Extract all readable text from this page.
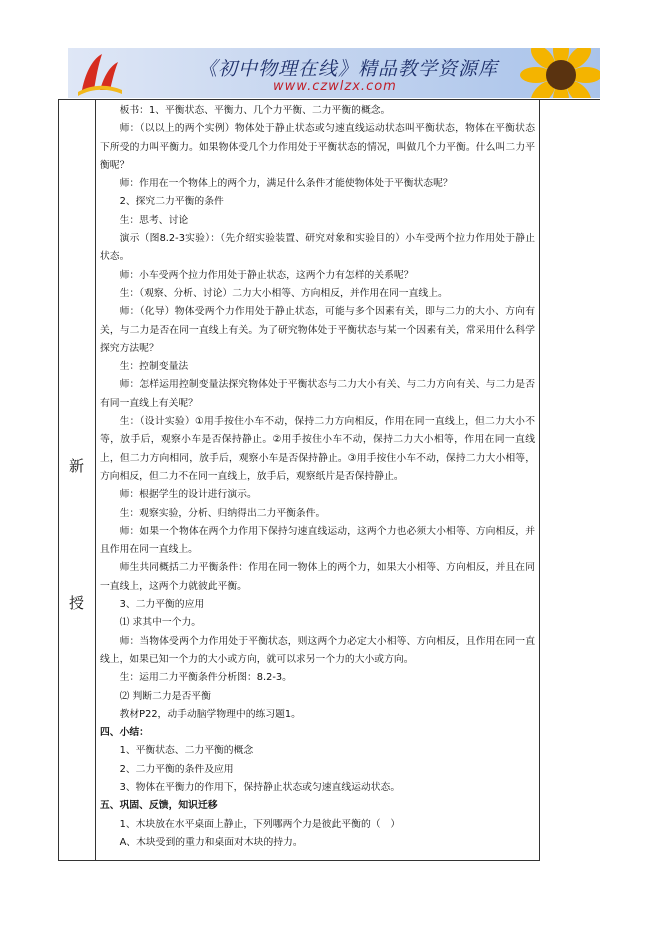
《初中物理在线》精品教学资源库
www.czwlzx.com
新
授

板书：1、平衡状态、平衡力、几个力平衡、二力平衡的概念。

师：（以以上的两个实例）物体处于静止状态或匀速直线运动状态叫平衡状态，物体在平衡状态下所受的力叫平衡力。如果物体受几个力作用处于平衡状态的情况，叫做几个力平衡。什么叫二力平衡呢？

师：作用在一个物体上的两个力，满足什么条件才能使物体处于平衡状态呢？

2、探究二力平衡的条件

生：思考、讨论

演示（图8.2-3实验）：（先介绍实验装置、研究对象和实验目的）小车受两个拉力作用处于静止状态。

师：小车受两个拉力作用处于静止状态，这两个力有怎样的关系呢？

生：（观察、分析、讨论）二力大小相等、方向相反，并作用在同一直线上。

师：（化导）物体受两个力作用处于静止状态，可能与多个因素有关，即与二力的大小、方向有关，与二力是否在同一直线上有关。为了研究物体处于平衡状态与某一个因素有关，常采用什么科学探究方法呢？

生：控制变量法

师：怎样运用控制变量法探究物体处于平衡状态与二力大小有关、与二力方向有关、与二力是否有同一直线上有关呢？

生：（设计实验）①用手按住小车不动，保持二力方向相反，作用在同一直线上，但二力大小不等，放手后，观察小车是否保持静止。②用手按住小车不动，保持二力大小相等，作用在同一直线上，但二力方向相同，放手后，观察小车是否保持静止。③用手按住小车不动，保持二力大小相等，方向相反，但二力不在同一直线上，放手后，观察纸片是否保持静止。

师：根据学生的设计进行演示。

生：观察实验，分析、归纳得出二力平衡条件。

师：如果一个物体在两个力作用下保持匀速直线运动，这两个力也必须大小相等、方向相反，并且作用在同一直线上。

师生共同概括二力平衡条件：作用在同一物体上的两个力，如果大小相等、方向相反，并且在同一直线上，这两个力就彼此平衡。

3、二力平衡的应用

⑴ 求其中一个力。

师：当物体受两个力作用处于平衡状态，则这两个力必定大小相等、方向相反，且作用在同一直线上，如果已知一个力的大小或方向，就可以求另一个力的大小或方向。

生：运用二力平衡条件分析图：8.2-3。

⑵ 判断二力是否平衡

教材P22，动手动脑学物理中的练习题1。

四、小结：

1、平衡状态、二力平衡的概念

2、二力平衡的条件及应用

3、物体在平衡力的作用下，保持静止状态或匀速直线运动状态。

五、巩固、反馈，知识迁移

1、木块放在水平桌面上静止，下列哪两个力是彼此平衡的（　）

A、木块受到的重力和桌面对木块的持力。
